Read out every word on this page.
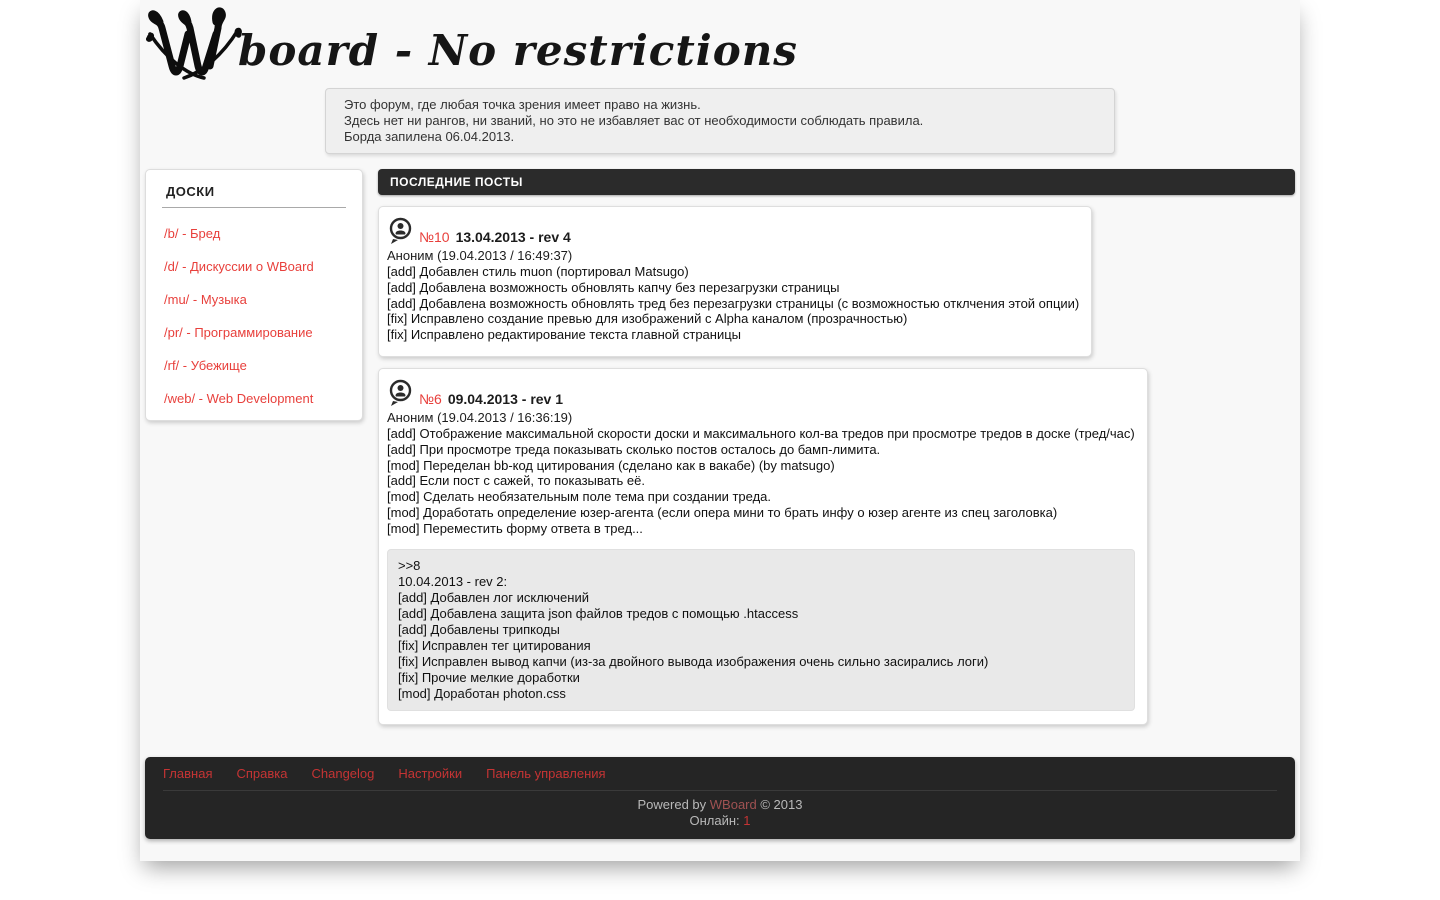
board - No restrictions
Это форум, где любая точка зрения имеет право на жизнь.
Здесь нет ни рангов, ни званий, но это не избавляет вас от необходимости соблюдать правила.
Борда запилена 06.04.2013.
ДОСКИ
/b/ - Бред
/d/ - Дискуссии о WBoard
/mu/ - Музыка
/pr/ - Программирование
/rf/ - Убежище
/web/ - Web Development
ПОСЛЕДНИЕ ПОСТЫ
№10 13.04.2013 - rev 4
Аноним (19.04.2013 / 16:49:37)
[add] Добавлен стиль muon (портировал Matsugo)
[add] Добавлена возможность обновлять капчу без перезагрузки страницы
[add] Добавлена возможность обновлять тред без перезагрузки страницы (с возможностью отклчения этой опции)
[fix] Исправлено создание превью для изображений с Alpha каналом (прозрачностью)
[fix] Исправлено редактирование текста главной страницы
№6 09.04.2013 - rev 1
Аноним (19.04.2013 / 16:36:19)
[add] Отображение максимальной скорости доски и максимального кол-ва тредов при просмотре тредов в доске (тред/час)
[add] При просмотре треда показывать сколько постов осталось до бамп-лимита.
[mod] Переделан bb-код цитирования (сделано как в вакабе) (by matsugo)
[add] Если пост с сажей, то показывать её.
[mod] Сделать необязательным поле тема при создании треда.
[mod] Доработать определение юзер-агента (если опера мини то брать инфу о юзер агенте из спец заголовка)
[mod] Переместить форму ответа в тред...
>>8
10.04.2013 - rev 2:
[add] Добавлен лог исключений
[add] Добавлена защита json файлов тредов с помощью .htaccess
[add] Добавлены трипкоды
[fix] Исправлен тег цитирования
[fix] Исправлен вывод капчи (из-за двойного вывода изображения очень сильно засирались логи)
[fix] Прочие мелкие доработки
[mod] Доработан photon.css
Главная Справка Changelog Настройки Панель управления
Powered by WBoard © 2013
Онлайн: 1
